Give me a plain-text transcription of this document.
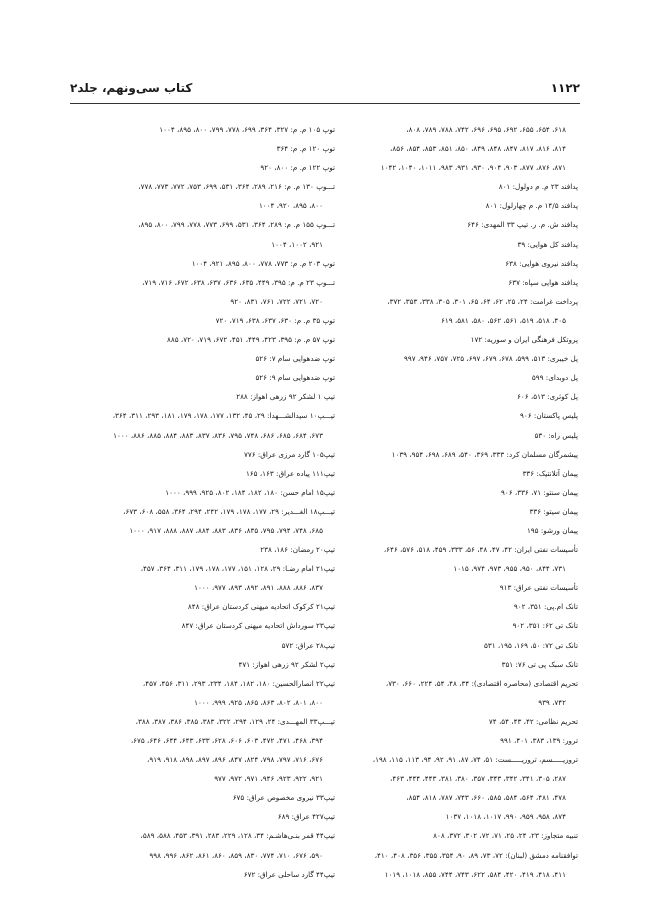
کتاب سی‌ونهم، جلد۲	۱۱۲۲
۶۱۸، ۶۵۴، ۶۵۵، ۶۹۲، ۶۹۵، ۶۹۶، ۷۴۲، ۷۸۸، ۷۸۹، ۸۰۸،
۸۱۴، ۸۱۶، ۸۱۷، ۸۴۷، ۸۴۸، ۸۴۹، ۸۵۰، ۸۵۱، ۸۵۳، ۸۵۴، ۸۵۶،
۸۷۱، ۸۷۶، ۸۷۷، ۹۰۳، ۹۰۴، ۹۳۰، ۹۳۱، ۹۸۳، ۱۰۱۱، ۱۰۴۰، ۱۰۴۲
پدافند ۲۳ م. م دولول: ۸۰۱
پدافند ۱۴/۵ م. م چهارلول: ۸۰۱
پدافند ش. م. ر. تیپ ۳۳ المهدی: ۶۴۶
پدافند کل هوایی: ۳۹
پدافند نیروی هوایی: ۶۳۸
پدافند هوایی سپاه: ۶۳۷
پرداخت غرامت: ۲۴، ۲۵، ۶۲، ۶۴، ۶۵، ۳۰۱، ۳۰۵، ۳۳۸، ۳۵۳، ۳۷۲،
۴۰۵، ۵۱۸، ۵۱۹، ۵۶۱، ۵۶۲، ۵۸۰، ۵۸۱، ۶۱۹
پروتکل فرهنگی ایران و سوریه: ۱۷۲
پل خیبری: ۵۱۳، ۵۹۹، ۶۷۸، ۶۷۹، ۶۹۷، ۷۲۵، ۷۵۷، ۹۴۶، ۹۹۷
پل دوبدای: ۵۹۹
پل کوثری: ۵۱۳، ۶۰۶
پلیس پاکستان: ۹۰۶
پلیس راه: ۵۳۰
پیشمرگان مسلمان کرد: ۳۳۳، ۳۶۹، ۵۴۰، ۶۸۹، ۶۹۸، ۹۵۴، ۱۰۳۹
پیمان آتلانتیک: ۳۳۶
پیمان سنتو: ۷۱، ۳۳۶، ۹۰۶
پیمان سیتو: ۳۳۶
پیمان ورشو: ۱۹۵
تأسیسات نفتی ایران: ۴۲، ۴۷، ۴۸، ۵۶، ۳۳۳، ۴۵۹، ۵۱۸، ۵۷۶، ۶۴۶،
۷۳۱، ۸۴۴، ۹۵۰، ۹۵۵، ۹۷۳، ۹۷۴، ۱۰۱۵
تأسیسات نفتی عراق: ۹۱۳
تانک ام.پی: ۳۵۱، ۹۰۲
تانک تی ۶۲: ۳۵۱، ۹۰۲
تانک تی ۷۲: ۵۰، ۱۶۹، ۱۹۵، ۵۳۱
تانک سبک پی تی ۷۶: ۳۵۱
تحریم اقتصادی (محاصره اقتصادی): ۳۴، ۴۸، ۵۴، ۲۲۴، ۶۶۰، ۷۳۰،
۷۴۲، ۹۳۹
تحریم نظامی: ۴۲، ۴۳، ۵۴، ۷۴
ترور: ۱۳۹، ۳۸۳، ۴۰۱، ۹۹۱
تروریـــــسم، تروریـــــست: ۵۱، ۷۴، ۸۷، ۹۱، ۹۲، ۹۴، ۱۱۳، ۱۱۵، ۱۹۸،
۲۸۷، ۳۰۵، ۳۴۱، ۳۴۲، ۳۴۳، ۳۵۷، ۳۸۰، ۳۸۱، ۴۴۳، ۴۴۴، ۴۶۳،
۴۷۸، ۴۸۱، ۵۶۴، ۵۸۴، ۵۸۵، ۶۶۰، ۷۴۳، ۷۸۷، ۸۱۸، ۸۵۴،
۸۷۴، ۹۵۸، ۹۵۹، ۹۹۰، ۱۰۱۷، ۱۰۱۸، ۱۰۳۷
تنبیه متجاوز: ۲۳، ۲۴، ۲۵، ۷۱، ۷۲، ۳۰۲، ۳۷۲، ۸۰۸
توافقنامه دمشق (لبنان): ۷۲، ۷۳، ۸۹، ۹۰، ۳۵۴، ۳۵۵، ۳۵۶، ۴۰۸، ۴۱۰،
۴۱۱، ۴۱۸، ۴۱۹، ۴۲۰، ۵۸۴، ۶۲۲، ۷۴۳، ۷۴۴، ۸۵۵، ۱۰۱۸، ۱۰۱۹
توپ ۱۰۵ م. م: ۳۲۷، ۳۶۴، ۶۹۹، ۷۷۸، ۷۹۹، ۸۰۰، ۸۹۵، ۱۰۰۴
توپ ۱۲۰ م. م: ۳۶۴
توپ ۱۲۲ م. م: ۸۰۰، ۹۲۰
تـــوپ ۱۳۰ م. م: ۲۱۶، ۲۸۹، ۳۶۴، ۵۳۱، ۶۹۹، ۷۵۳، ۷۷۲، ۷۷۳، ۷۷۸،
۸۰۰، ۸۹۵، ۹۲۰، ۱۰۰۴
تـــوپ ۱۵۵ م. م: ۲۸۹، ۳۶۴، ۵۳۱، ۶۹۹، ۷۷۳، ۷۷۸، ۷۹۹، ۸۰۰، ۸۹۵،
۹۲۱، ۱۰۰۲، ۱۰۰۴
توپ ۲۰۳ م. م: ۷۷۳، ۷۷۸، ۸۰۰، ۸۹۵، ۹۲۱، ۱۰۰۴
تـــوپ ۲۳ م. م: ۳۹۵، ۴۴۹، ۶۳۵، ۶۳۶، ۶۳۷، ۶۳۸، ۶۷۲، ۷۱۶، ۷۱۹،
۷۲۰، ۷۲۱، ۷۲۲، ۷۶۱، ۸۳۱، ۹۲۰
توپ ۳۵ م. م: ۶۳۰، ۶۳۷، ۶۳۸، ۷۱۹، ۷۲۰
توپ ۵۷ م. م: ۳۹۵، ۴۲۳، ۴۴۹، ۴۵۱، ۶۷۲، ۷۱۹، ۷۲۰، ۸۸۵
توپ ضدهوایی سام ۷: ۵۲۶
توپ ضدهوایی سام ۹: ۵۲۶
تیپ ۱ لشکر ۹۲ زرهی اهواز: ۲۸۸
تیـــپ۱۰ سیدالشـــهدا: ۲۹، ۴۵، ۱۳۲، ۱۷۷، ۱۷۸، ۱۷۹، ۱۸۱، ۲۹۳، ۳۱۱، ۳۶۴،
۶۷۳، ۶۸۴، ۶۸۵، ۶۸۶، ۷۴۸، ۷۹۵، ۸۳۶، ۸۳۷، ۸۸۳، ۸۸۴، ۸۸۵، ۸۸۶، ۱۰۰۰
تیپ۱۰۵ گارد مرزی عراق: ۷۷۶
تیپ۱۱۱ پیاده عراق: ۱۶۳، ۱۶۵
تیپ۱۵ امام حسن: ۱۸۰، ۱۸۲، ۱۸۴، ۸۰۲، ۹۲۵، ۹۹۹، ۱۰۰۰
تیـــپ۱۸ الغـــدیر: ۲۹، ۱۷۷، ۱۷۸، ۱۷۹، ۲۴۲، ۲۹۴، ۳۶۴، ۵۵۸، ۶۰۸، ۶۷۳،
۶۸۵، ۷۴۸، ۷۹۴، ۷۹۵، ۸۳۵، ۸۳۶، ۸۸۳، ۸۸۴، ۸۸۷، ۸۸۸، ۹۱۷، ۱۰۰۰
تیپ۲۰ رمضان: ۱۸۶، ۲۳۸
تیپ۲۱ امام رضـا: ۲۹، ۱۲۸، ۱۵۱، ۱۷۷، ۱۷۸، ۱۷۹، ۳۱۱، ۳۶۴، ۴۵۷،
۸۳۷، ۸۸۶، ۸۸۸، ۸۹۱، ۸۹۲، ۸۹۳، ۹۷۷، ۱۰۰۰
تیپ۲۱ کرکوک اتحادیه میهنی کردستان عراق: ۸۴۸
تیپ۲۳ سورداش اتحادیه میهنی کردستان عراق: ۸۴۷
تیپ۲۸ عراق: ۵۷۲
تیپ۲ لشکر ۹۲ زرهی اهواز: ۴۷۱
تیپ۲۲ انصارالحسین: ۱۸۰، ۱۸۲، ۱۸۴، ۲۳۴، ۲۹۳، ۳۱۱، ۴۵۶، ۴۵۷،
۸۰۰، ۸۰۱، ۸۰۲، ۸۶۳، ۸۶۵، ۹۲۵، ۹۹۹، ۱۰۰۰
تیـــپ۳۳ المهـــدی: ۲۴، ۱۲۹، ۲۹۴، ۳۲۲، ۳۸۳، ۳۸۵، ۳۸۶، ۳۸۷، ۳۸۸،
۳۹۴، ۴۶۸، ۴۷۱، ۴۷۲، ۶۰۳، ۶۰۶، ۶۲۸، ۶۳۳، ۶۴۳، ۶۴۴، ۶۴۶، ۶۷۵،
۶۷۶، ۷۱۶، ۷۹۷، ۷۹۸، ۸۲۴، ۸۴۷، ۸۹۶، ۸۹۷، ۸۹۸، ۹۱۸، ۹۱۹،
۹۲۱، ۹۲۲، ۹۲۳، ۹۴۶، ۹۷۱، ۹۷۲، ۹۷۷
تیپ۳۳ نیروی مخصوص عراق: ۶۷۵
تیپ۴۲۷ عراق: ۶۸۹
تیپ۴۴ قمر بنـی‌هاشـم: ۳۴، ۱۲۸، ۲۲۹، ۲۸۳، ۳۹۱، ۴۵۳، ۵۸۸، ۵۸۹،
۵۹۰، ۶۷۶، ۷۱۰، ۷۷۴، ۸۳۰، ۸۵۹، ۸۶۰، ۸۶۱، ۸۶۲، ۹۹۶، ۹۹۸
تیپ۴۴ گارد ساحلی عراق: ۶۷۲
